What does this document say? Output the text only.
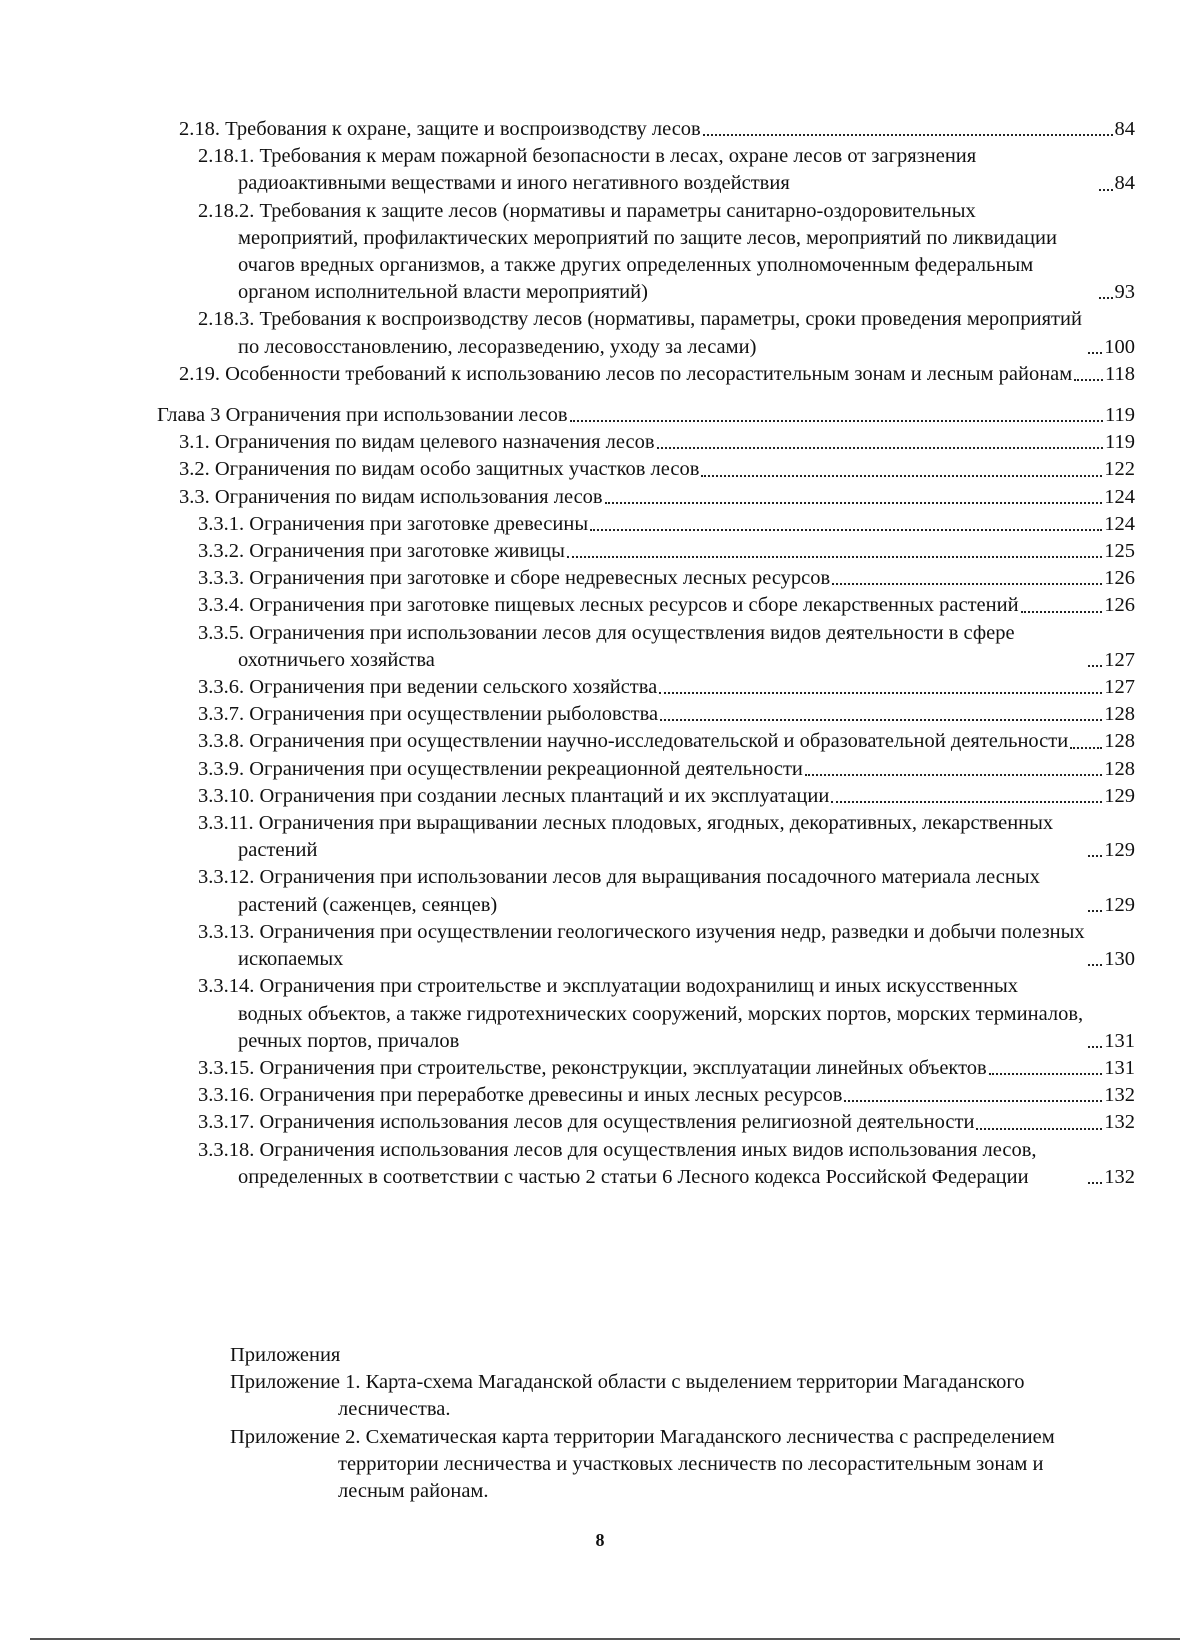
2.18. Требования к охране, защите и воспроизводству лесов	84
2.18.1. Требования к мерам пожарной безопасности в лесах, охране лесов от загрязнения радиоактивными веществами и иного негативного воздействия	84
2.18.2. Требования к защите лесов (нормативы и параметры санитарно-оздоровительных мероприятий, профилактических мероприятий по защите лесов, мероприятий по ликвидации очагов вредных организмов, а также других определенных уполномоченным федеральным органом исполнительной власти мероприятий)	93
2.18.3. Требования к воспроизводству лесов (нормативы, параметры, сроки проведения мероприятий по лесовосстановлению, лесоразведению, уходу за лесами)	100
2.19. Особенности требований к использованию лесов по лесорастительным зонам и лесным районам 118
Глава 3 Ограничения при использовании лесов	119
3.1. Ограничения по видам целевого назначения лесов	119
3.2. Ограничения по видам особо защитных участков лесов	122
3.3. Ограничения по видам использования лесов	124
3.3.1. Ограничения при заготовке древесины	124
3.3.2. Ограничения при заготовке живицы	125
3.3.3. Ограничения при заготовке и сборе недревесных лесных ресурсов	126
3.3.4. Ограничения при заготовке пищевых лесных ресурсов и сборе лекарственных растений	126
3.3.5. Ограничения при использовании лесов для осуществления видов деятельности в сфере охотничьего хозяйства	127
3.3.6. Ограничения при ведении сельского хозяйства	127
3.3.7. Ограничения при осуществлении рыболовства	128
3.3.8. Ограничения при осуществлении научно-исследовательской и образовательной деятельности 128
3.3.9. Ограничения при осуществлении рекреационной деятельности	128
3.3.10. Ограничения при создании лесных плантаций и их эксплуатации	129
3.3.11. Ограничения при выращивании лесных плодовых, ягодных, декоративных, лекарственных растений	129
3.3.12. Ограничения при использовании лесов для выращивания посадочного материала лесных растений (саженцев, сеянцев)	129
3.3.13. Ограничения при осуществлении геологического изучения недр, разведки и добычи полезных ископаемых	130
3.3.14. Ограничения при строительстве и эксплуатации водохранилищ и иных искусственных водных объектов, а также гидротехнических сооружений, морских портов, морских терминалов, речных портов, причалов	131
3.3.15. Ограничения при строительстве, реконструкции, эксплуатации линейных объектов	131
3.3.16. Ограничения при переработке древесины и иных лесных ресурсов	132
3.3.17. Ограничения использования лесов для осуществления религиозной деятельности	132
3.3.18. Ограничения использования лесов для осуществления иных видов использования лесов, определенных в соответствии с частью 2 статьи 6 Лесного кодекса Российской Федерации	132
Приложения
Приложение 1. Карта-схема Магаданской области с выделением территории Магаданского лесничества.
Приложение 2. Схематическая карта территории Магаданского лесничества с распределением территории лесничества и участковых лесничеств по лесорастительным зонам и лесным районам.
8
